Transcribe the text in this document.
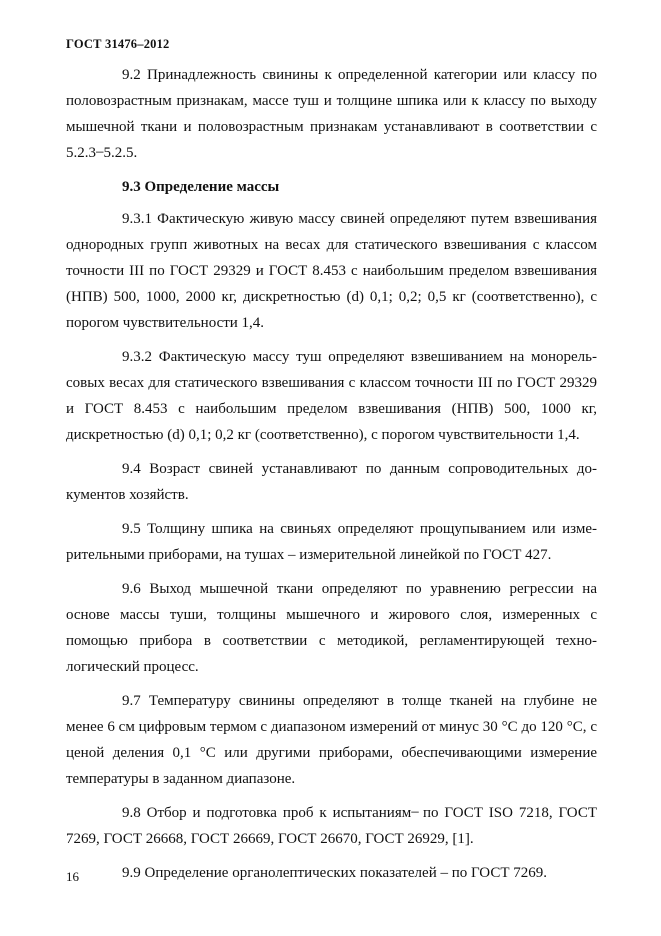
ГОСТ 31476–2012

9.2 Принадлежность свинины к определенной категории или классу по половозрастным признакам, массе туш и толщине шпика или к классу по выходу мышечной ткани и половозрастным признакам устанавливают в соответствии с 5.2.3 ̶ 5.2.5.

9.3 Определение массы

9.3.1 Фактическую живую массу свиней определяют путем взвешивания однородных групп животных на весах для статического взвешивания с классом точности III по ГОСТ 29329 и ГОСТ 8.453 с наибольшим пределом взвешивания (НПВ) 500, 1000, 2000 кг, дискретностью (d) 0,1; 0,2; 0,5 кг (соответственно), с порогом чувствительности 1,4.

9.3.2 Фактическую массу туш определяют взвешиванием на монорельсовых весах для статического взвешивания с классом точности III по ГОСТ 29329 и ГОСТ 8.453 с наибольшим пределом взвешивания (НПВ) 500, 1000 кг, дискретностью (d) 0,1; 0,2 кг (соответственно), с порогом чувствительности 1,4.

9.4 Возраст свиней устанавливают по данным сопроводительных документов хозяйств.

9.5 Толщину шпика на свиньях определяют прощупыванием или измерительными приборами, на тушах – измерительной линейкой по ГОСТ 427.

9.6 Выход мышечной ткани определяют по уравнению регрессии на основе массы туши, толщины мышечного и жирового слоя, измеренных с помощью прибора в соответствии с методикой, регламентирующей технологический процесс.

9.7 Температуру свинины определяют в толще тканей на глубине не менее 6 см цифровым термом с диапазоном измерений от минус 30 °С до 120 °С, с ценой деления 0,1 °С или другими приборами, обеспечивающими измерение температуры в заданном диапазоне.

9.8 Отбор и подготовка проб к испытаниям ̶ по ГОСТ ISO 7218, ГОСТ 7269, ГОСТ 26668, ГОСТ 26669, ГОСТ 26670, ГОСТ 26929, [1].

9.9 Определение органолептических показателей – по ГОСТ 7269.

16
